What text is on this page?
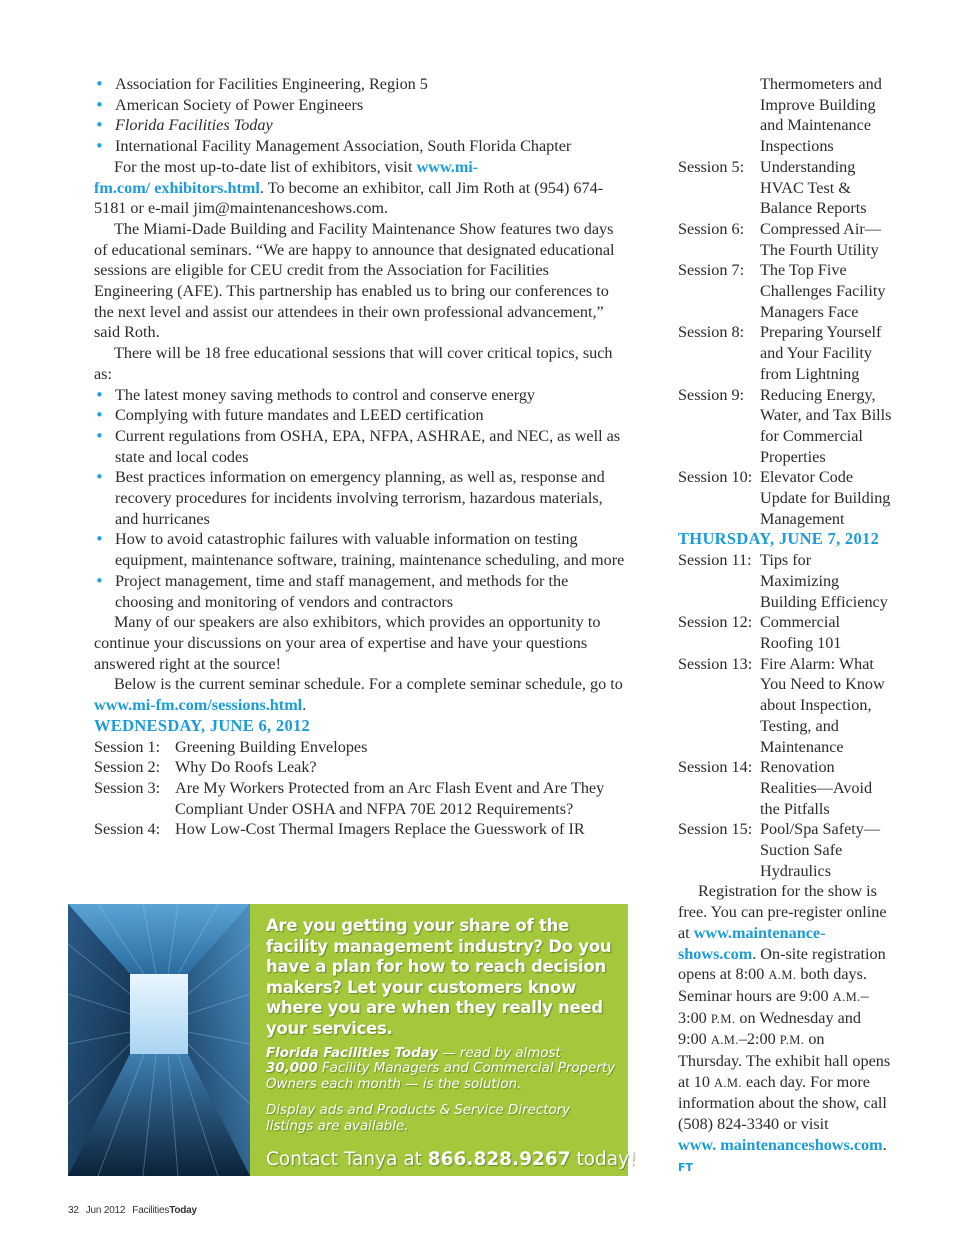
• Association for Facilities Engineering, Region 5
• American Society of Power Engineers
• Florida Facilities Today
• International Facility Management Association, South Florida Chapter

For the most up-to-date list of exhibitors, visit www.mi-fm.com/ exhibitors.html. To become an exhibitor, call Jim Roth at (954) 674-5181 or e-mail jim@maintenanceshows.com.

The Miami-Dade Building and Facility Maintenance Show features two days of educational seminars. “We are happy to announce that designated educational sessions are eligible for CEU credit from the Association for Facilities Engineering (AFE). This partnership has enabled us to bring our conferences to the next level and assist our attendees in their own professional advancement,” said Roth.

There will be 18 free educational sessions that will cover critical topics, such as:

• The latest money saving methods to control and conserve energy
• Complying with future mandates and LEED certification
• Current regulations from OSHA, EPA, NFPA, ASHRAE, and NEC, as well as state and local codes
• Best practices information on emergency planning, as well as, response and recovery procedures for incidents involving terrorism, hazardous materials, and hurricanes
• How to avoid catastrophic failures with valuable information on testing equipment, maintenance software, training, maintenance scheduling, and more
• Project management, time and staff management, and methods for the choosing and monitoring of vendors and contractors

Many of our speakers are also exhibitors, which provides an opportunity to continue your discussions on your area of expertise and have your questions answered right at the source!

Below is the current seminar schedule. For a complete seminar schedule, go to www.mi-fm.com/sessions.html.

WEDNESDAY, JUNE 6, 2012
Session 1: Greening Building Envelopes
Session 2: Why Do Roofs Leak?
Session 3: Are My Workers Protected from an Arc Flash Event and Are They Compliant Under OSHA and NFPA 70E 2012 Requirements?
Session 4: How Low-Cost Thermal Imagers Replace the Guesswork of IR
Thermometers and Improve Building and Maintenance Inspections
Session 5: Understanding HVAC Test & Balance Reports
Session 6: Compressed Air—The Fourth Utility
Session 7: The Top Five Challenges Facility Managers Face
Session 8: Preparing Yourself and Your Facility from Lightning
Session 9: Reducing Energy, Water, and Tax Bills for Commercial Properties
Session 10: Elevator Code Update for Building Management
THURSDAY, JUNE 7, 2012
Session 11: Tips for Maximizing Building Efficiency
Session 12: Commercial Roofing 101
Session 13: Fire Alarm: What You Need to Know about Inspection, Testing, and Maintenance
Session 14: Renovation Realities—Avoid the Pitfalls
Session 15: Pool/Spa Safety—Suction Safe Hydraulics

Registration for the show is free. You can pre-register online at www.maintenanceshows.com. On-site registration opens at 8:00 A.M. both days. Seminar hours are 9:00 A.M.– 3:00 P.M. on Wednesday and 9:00 A.M.–2:00 P.M. on Thursday. The exhibit hall opens at 10 A.M. each day. For more information about the show, call (508) 824-3340 or visit www. maintenanceshows.com. FT

Are you getting your share of the facility management industry? Do you have a plan for how to reach decision makers? Let your customers know where you are when they really need your services.
Florida Facilities Today — read by almost 30,000 Facility Managers and Commercial Property Owners each month — is the solution.
Display ads and Products & Service Directory listings are available.
Contact Tanya at 866.828.9267 today!
32 Jun 2012 FacilitiesToday
